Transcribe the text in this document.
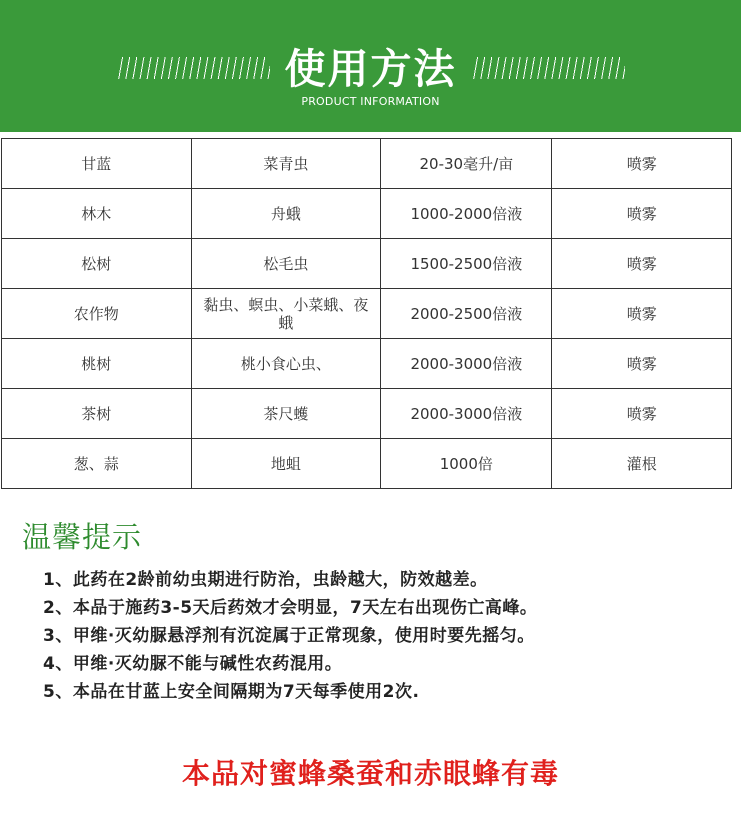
使用方法
PRODUCT INFORMATION
甘蓝	菜青虫	20-30毫升/亩	喷雾
林木	舟蛾	1000-2000倍液	喷雾
松树	松毛虫	1500-2500倍液	喷雾
农作物	黏虫、螟虫、小菜蛾、夜蛾	2000-2500倍液	喷雾
桃树	桃小食心虫、	2000-3000倍液	喷雾
茶树	茶尺蠖	2000-3000倍液	喷雾
葱、蒜	地蛆	1000倍	灌根
温馨提示
1、此药在2龄前幼虫期进行防治，虫龄越大，防效越差。
2、本品于施药3-5天后药效才会明显，7天左右出现伤亡高峰。
3、甲维·灭幼脲悬浮剂有沉淀属于正常现象，使用时要先摇匀。
4、甲维·灭幼脲不能与碱性农药混用。
5、本品在甘蓝上安全间隔期为7天每季使用2次.
本品对蜜蜂桑蚕和赤眼蜂有毒
